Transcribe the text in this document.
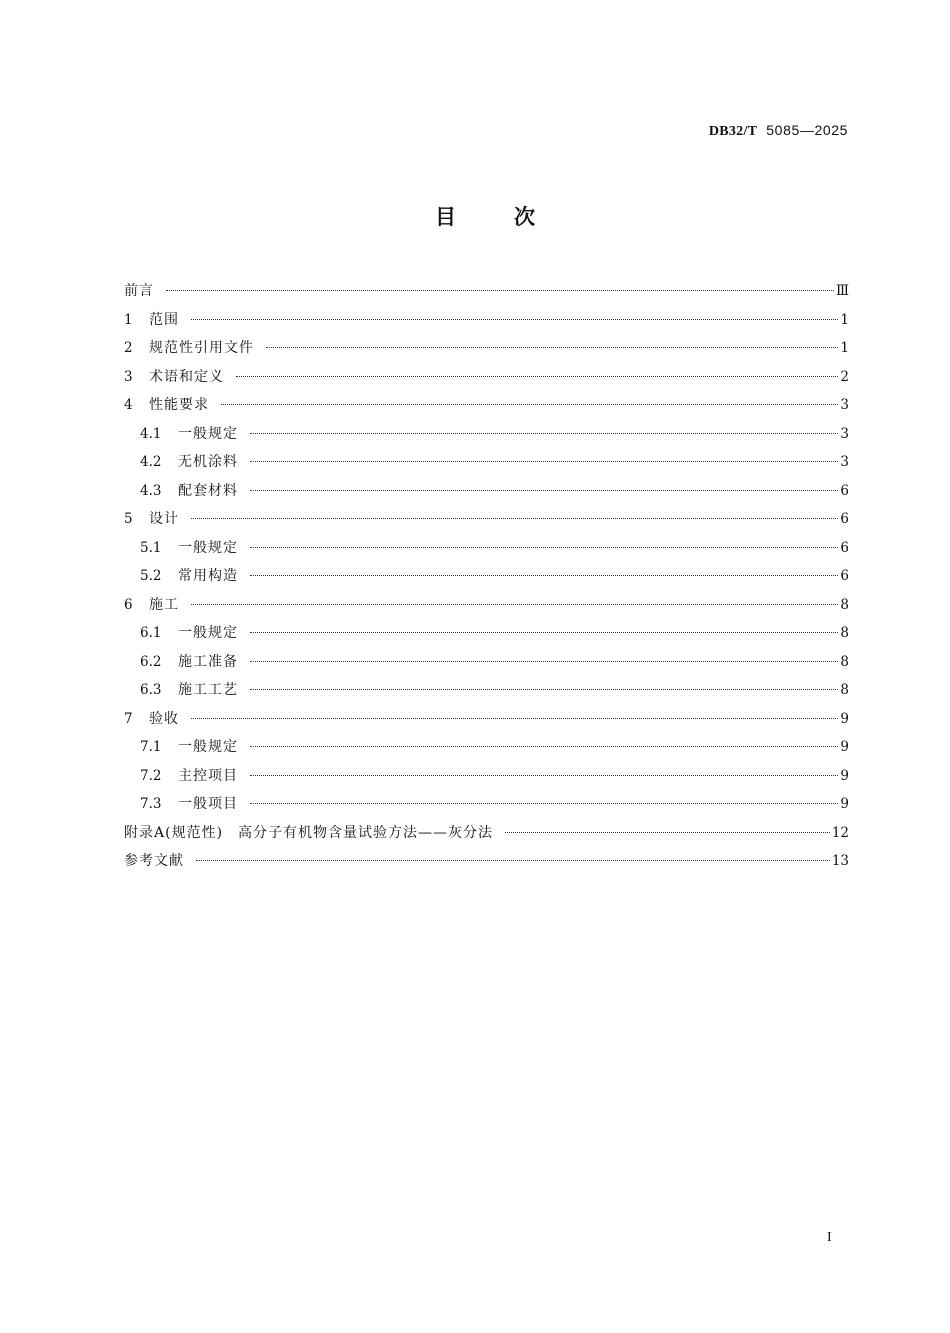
DB32/T 5085—2025
目	次
前言	Ⅲ
1	范围	1
2	规范性引用文件	1
3	术语和定义	2
4	性能要求	3
4.1	一般规定	3
4.2	无机涂料	3
4.3	配套材料	6
5	设计	6
5.1	一般规定	6
5.2	常用构造	6
6	施工	8
6.1	一般规定	8
6.2	施工准备	8
6.3	施工工艺	8
7	验收	9
7.1	一般规定	9
7.2	主控项目	9
7.3	一般项目	9
附录A(规范性)　高分子有机物含量试验方法——灰分法	12
参考文献	13
I
